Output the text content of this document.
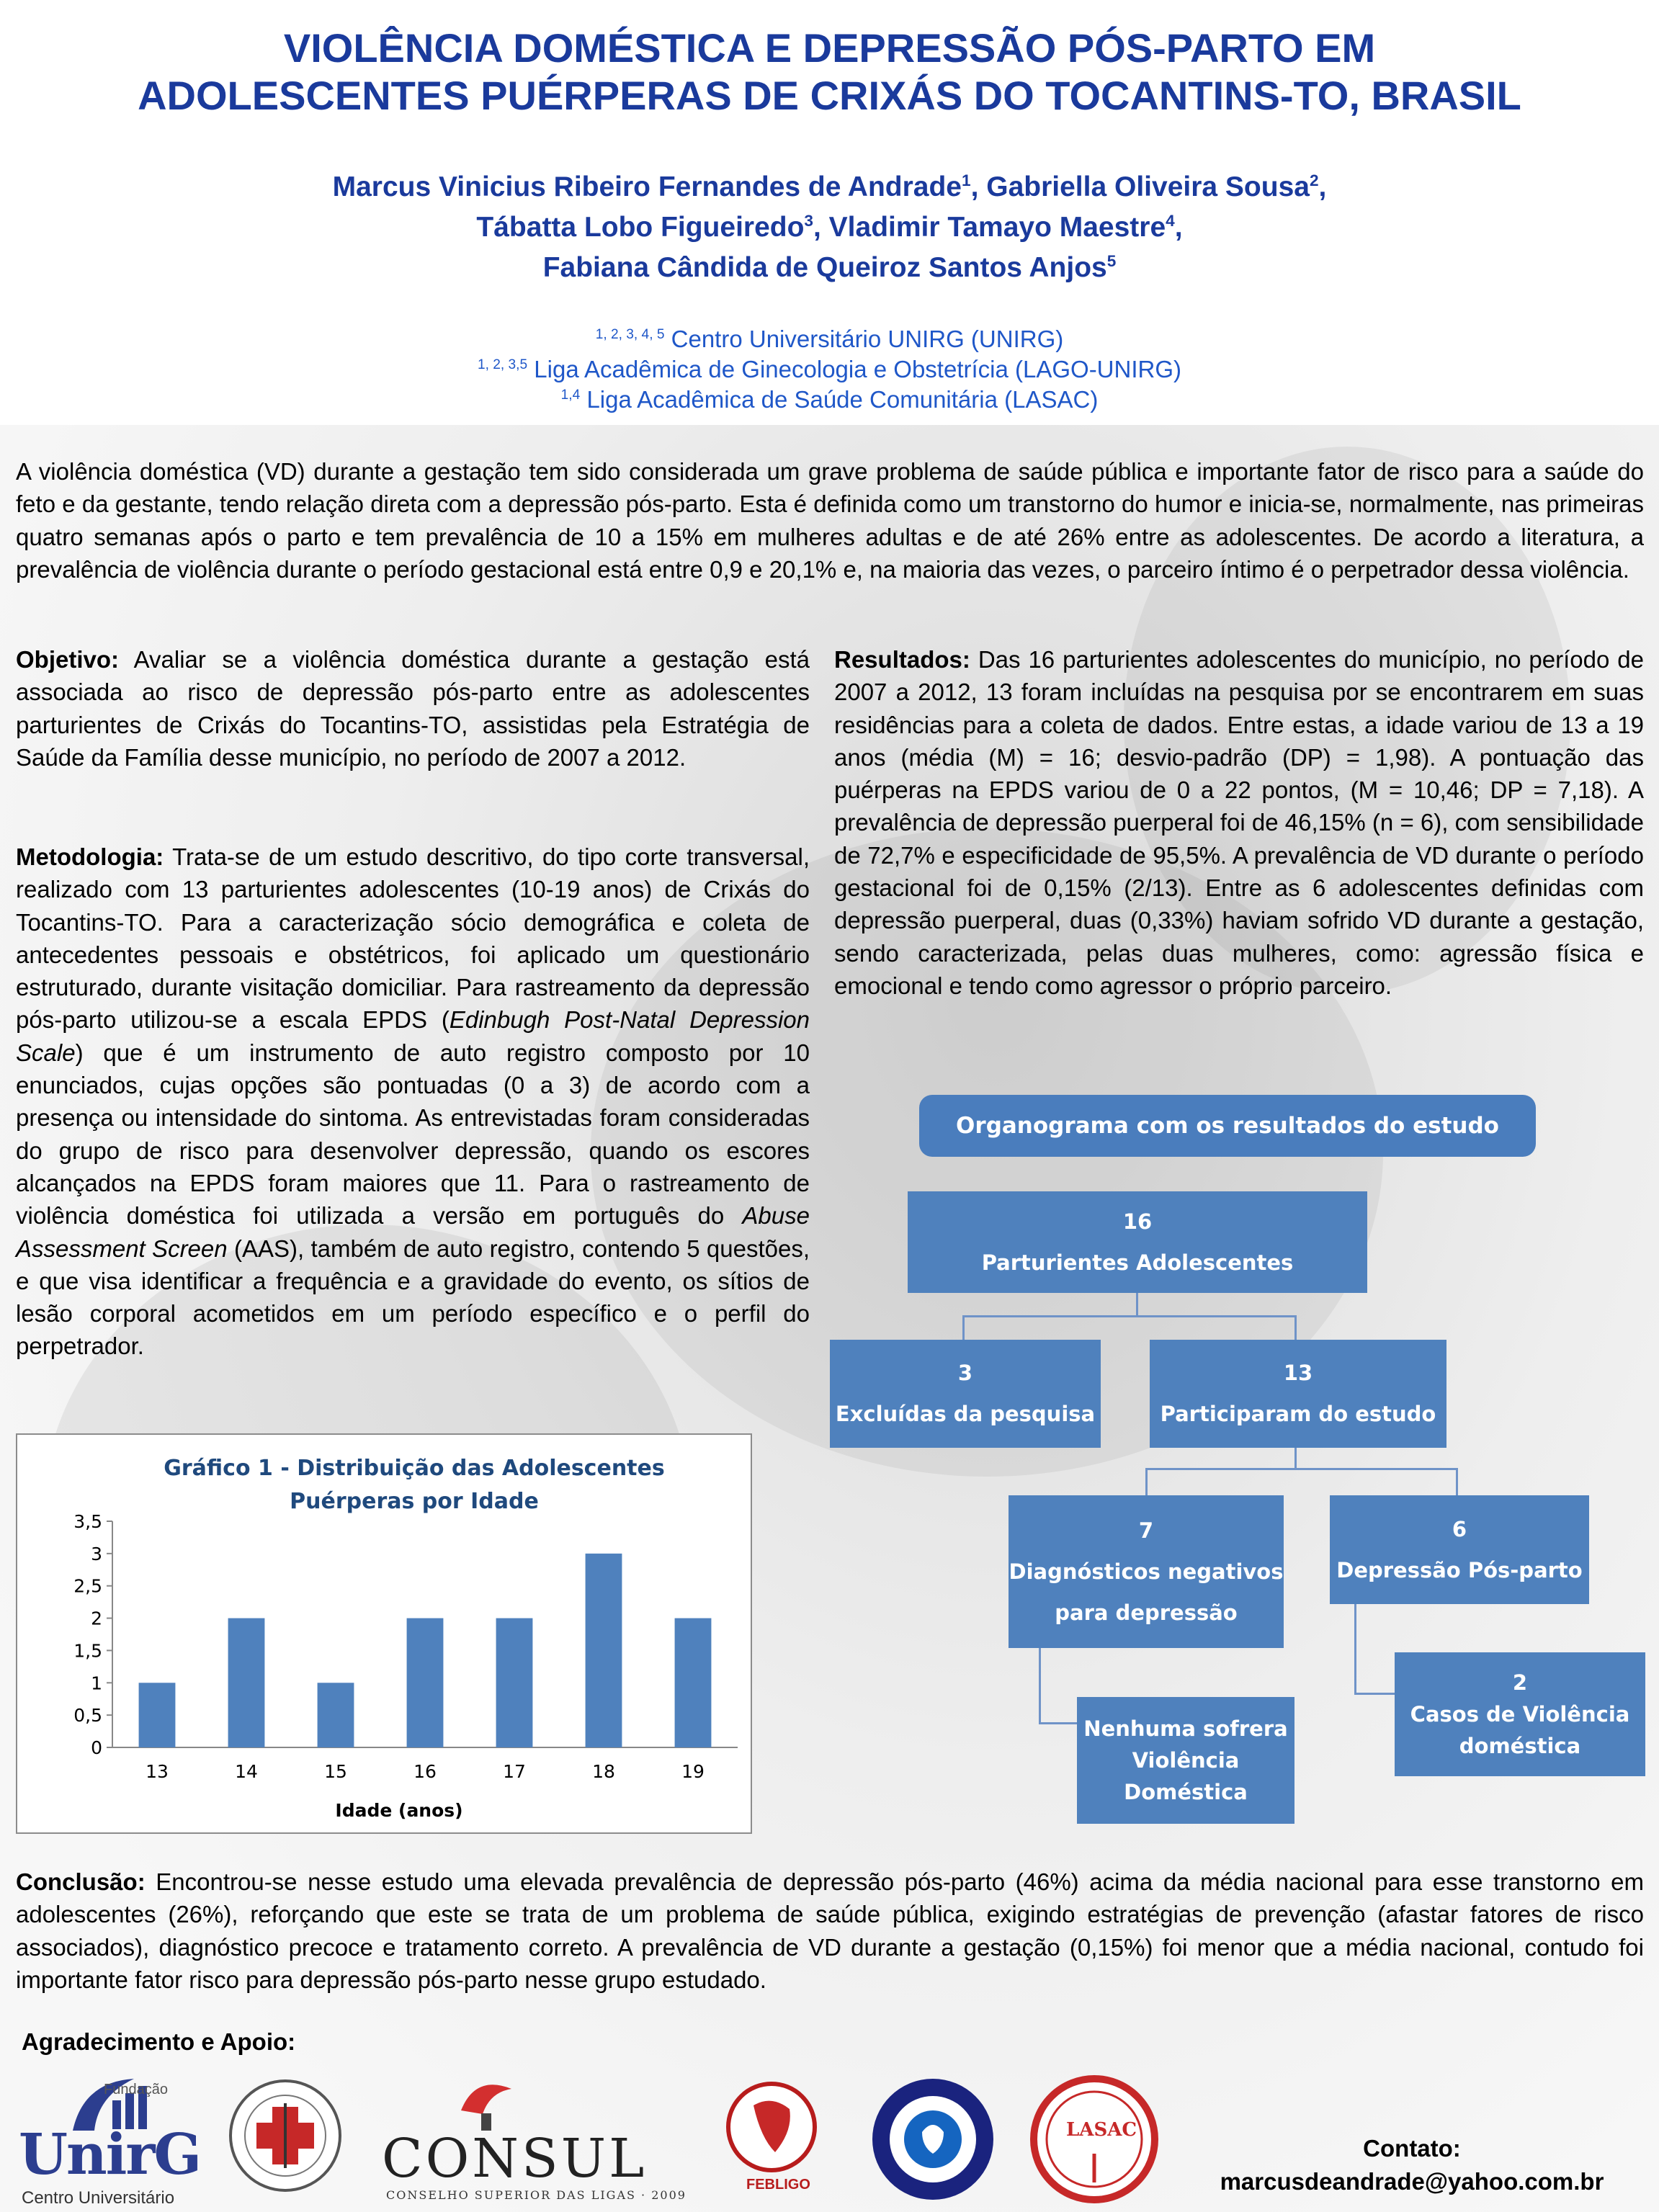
VIOLÊNCIA DOMÉSTICA E DEPRESSÃO PÓS-PARTO EM
ADOLESCENTES PUÉRPERAS DE CRIXÁS DO TOCANTINS-TO, BRASIL
Marcus Vinicius Ribeiro Fernandes de Andrade$^1$, Gabriella Oliveira Sousa$^2$,
Tábatta Lobo Figueiredo$^3$, Vladimir Tamayo Maestre$^4$,
Fabiana Cândida de Queiroz Santos Anjos$^5$
$^{1, 2, 3, 4, 5}$ Centro Universitário UNIRG (UNIRG)
$^{1, 2, 3,5}$ Liga Acadêmica de Ginecologia e Obstetrícia (LAGO-UNIRG)
$^{1,4}$ Liga Acadêmica de Saúde Comunitária (LASAC)
A violência doméstica (VD) durante a gestação tem sido considerada um grave problema de saúde pública e importante fator de risco para a saúde do feto e da gestante, tendo relação direta com a depressão pós-parto. Esta é definida como um transtorno do humor e inicia-se, normalmente, nas primeiras quatro semanas após o parto e tem prevalência de 10 a 15% em mulheres adultas e de até 26% entre as adolescentes. De acordo a literatura, a prevalência de violência durante o período gestacional está entre 0,9 e 20,1% e, na maioria das vezes, o parceiro íntimo é o perpetrador dessa violência.
Objetivo: Avaliar se a violência doméstica durante a gestação está associada ao risco de depressão pós-parto entre as adolescentes parturientes de Crixás do Tocantins-TO, assistidas pela Estratégia de Saúde da Família desse município, no período de 2007 a 2012.
Metodologia: Trata-se de um estudo descritivo, do tipo corte transversal, realizado com 13 parturientes adolescentes (10-19 anos) de Crixás do Tocantins-TO. Para a caracterização sócio demográfica e coleta de antecedentes pessoais e obstétricos, foi aplicado um questionário estruturado, durante visitação domiciliar. Para rastreamento da depressão pós-parto utilizou-se a escala EPDS (Edinbugh Post-Natal Depression Scale) que é um instrumento de auto registro composto por 10 enunciados, cujas opções são pontuadas (0 a 3) de acordo com a presença ou intensidade do sintoma. As entrevistadas foram consideradas do grupo de risco para desenvolver depressão, quando os escores alcançados na EPDS foram maiores que 11. Para o rastreamento de violência doméstica foi utilizada a versão em português do Abuse Assessment Screen (AAS), também de auto registro, contendo 5 questões, e que visa identificar a frequência e a gravidade do evento, os sítios de lesão corporal acometidos em um período específico e o perfil do perpetrador.
Resultados: Das 16 parturientes adolescentes do município, no período de 2007 a 2012, 13 foram incluídas na pesquisa por se encontrarem em suas residências para a coleta de dados. Entre estas, a idade variou de 13 a 19 anos (média (M) = 16; desvio-padrão (DP) = 1,98). A pontuação das puérperas na EPDS variou de 0 a 22 pontos, (M = 10,46; DP = 7,18). A prevalência de depressão puerperal foi de 46,15% (n = 6), com sensibilidade de 72,7% e especificidade de 95,5%. A prevalência de VD durante o período gestacional foi de 0,15% (2/13). Entre as 6 adolescentes definidas com depressão puerperal, duas (0,33%) haviam sofrido VD durante a gestação, sendo caracterizada, pelas duas mulheres, como: agressão física e emocional e tendo como agressor o próprio parceiro.
Organograma com os resultados do estudo
16
Parturientes Adolescentes
3
Excluídas da pesquisa
13
Participaram do estudo
7
Diagnósticos negativos
para depressão
6
Depressão Pós-parto
Nenhuma sofrera
Violência
Doméstica
2
Casos de Violência
doméstica
Gráfico 1 - Distribuição das Adolescentes
Puérperas por Idade
0
0,5
1
1,5
2
2,5
3
3,5
13	14	15	16	17	18	19
Idade (anos)
Conclusão: Encontrou-se nesse estudo uma elevada prevalência de depressão pós-parto (46%) acima da média nacional para esse transtorno em adolescentes (26%), reforçando que este se trata de um problema de saúde pública, exigindo estratégias de prevenção (afastar fatores de risco associados), diagnóstico precoce e tratamento correto. A prevalência de VD durante a gestação (0,15%) foi menor que a média nacional, contudo foi importante fator risco para depressão pós-parto nesse grupo estudado.
Agradecimento e Apoio:
Fundação
UnirG
Centro Universitário
CONSUL
CONSELHO SUPERIOR DAS LIGAS · 2009
FEBLIGO
LASAC
Contato:
marcusdeandrade@yahoo.com.br
